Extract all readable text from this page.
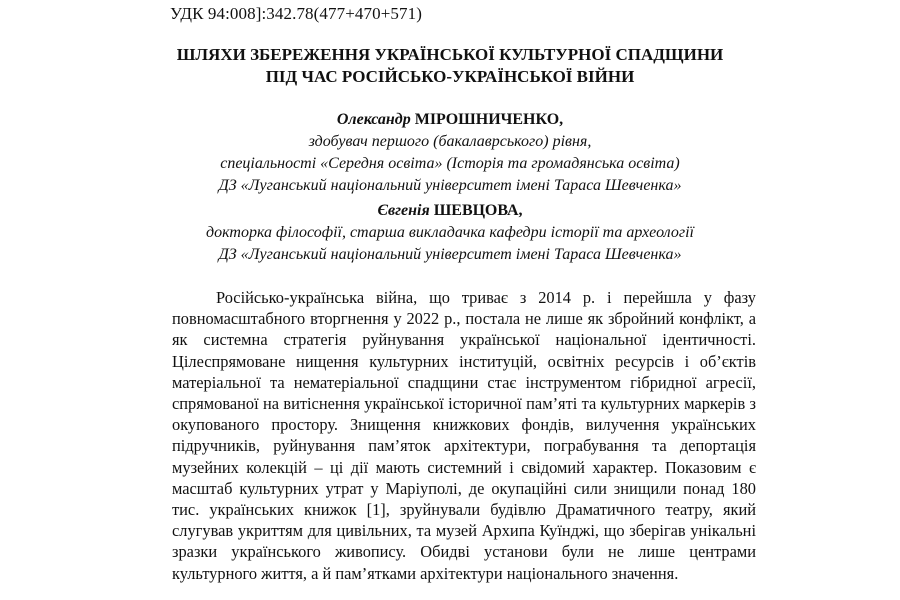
УДК 94:008]:342.78(477+470+571)
ШЛЯХИ ЗБЕРЕЖЕННЯ УКРАЇНСЬКОЇ КУЛЬТУРНОЇ СПАДЩИНИ
ПІД ЧАС РОСІЙСЬКО-УКРАЇНСЬКОЇ ВІЙНИ
Олександр МІРОШНИЧЕНКО,
здобувач першого (бакалаврського) рівня,
спеціальності «Середня освіта» (Історія та громадянська освіта)
ДЗ «Луганський національний університет імені Тараса Шевченка»
Євгенія ШЕВЦОВА,
докторка філософії, старша викладачка кафедри історії та археології
ДЗ «Луганський національний університет імені Тараса Шевченка»
Російсько-українська війна, що триває з 2014 р. і перейшла у фазу повномасштабного вторгнення у 2022 р., постала не лише як збройний конфлікт, а як системна стратегія руйнування української національної ідентичності. Цілеспрямоване нищення культурних інституцій, освітніх ресурсів і об’єктів матеріальної та нематеріальної спадщини стає інструментом гібридної агресії, спрямованої на витіснення української історичної пам’яті та культурних маркерів з окупованого простору. Знищення книжкових фондів, вилучення українських підручників, руйнування пам’яток архітектури, пограбування та депортація музейних колекцій – ці дії мають системний і свідомий характер. Показовим є масштаб культурних утрат у Маріуполі, де окупаційні сили знищили понад 180 тис. українських книжок [1], зруйнували будівлю Драматичного театру, який слугував укриттям для цивільних, та музей Архипа Куїнджі, що зберігав унікальні зразки українського живопису. Обидві установи були не лише центрами культурного життя, а й пам’ятками архітектури національного значення.
